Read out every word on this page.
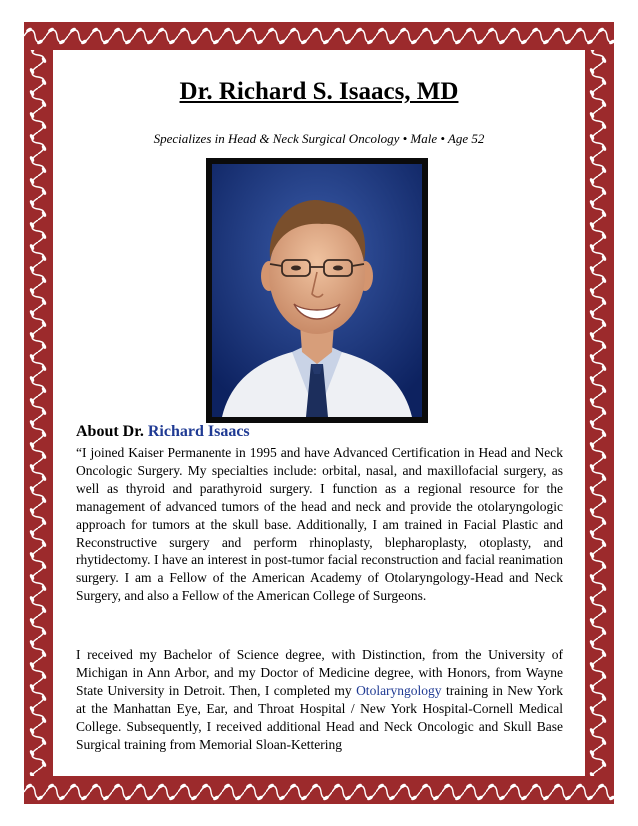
Dr. Richard S. Isaacs, MD
Specializes in Head & Neck Surgical Oncology • Male • Age 52
About Dr. Richard Isaacs

“I joined Kaiser Permanente in 1995 and have Advanced Certification in Head and Neck Oncologic Surgery. My specialties include: orbital, nasal, and maxillofacial surgery, as well as thyroid and parathyroid surgery. I function as a regional resource for the management of advanced tumors of the head and neck and provide the otolaryngologic approach for tumors at the skull base. Additionally, I am trained in Facial Plastic and Reconstructive surgery and perform rhinoplasty, blepharoplasty, otoplasty, and rhytidectomy. I have an interest in post-tumor facial reconstruction and facial reanimation surgery. I am a Fellow of the American Academy of Otolaryngology-Head and Neck Surgery, and also a Fellow of the American College of Surgeons.

I received my Bachelor of Science degree, with Distinction, from the University of Michigan in Ann Arbor, and my Doctor of Medicine degree, with Honors, from Wayne State University in Detroit. Then, I completed my Otolaryngology training in New York at the Manhattan Eye, Ear, and Throat Hospital / New York Hospital-Cornell Medical College. Subsequently, I received additional Head and Neck Oncologic and Skull Base Surgical training from Memorial Sloan-Kettering
